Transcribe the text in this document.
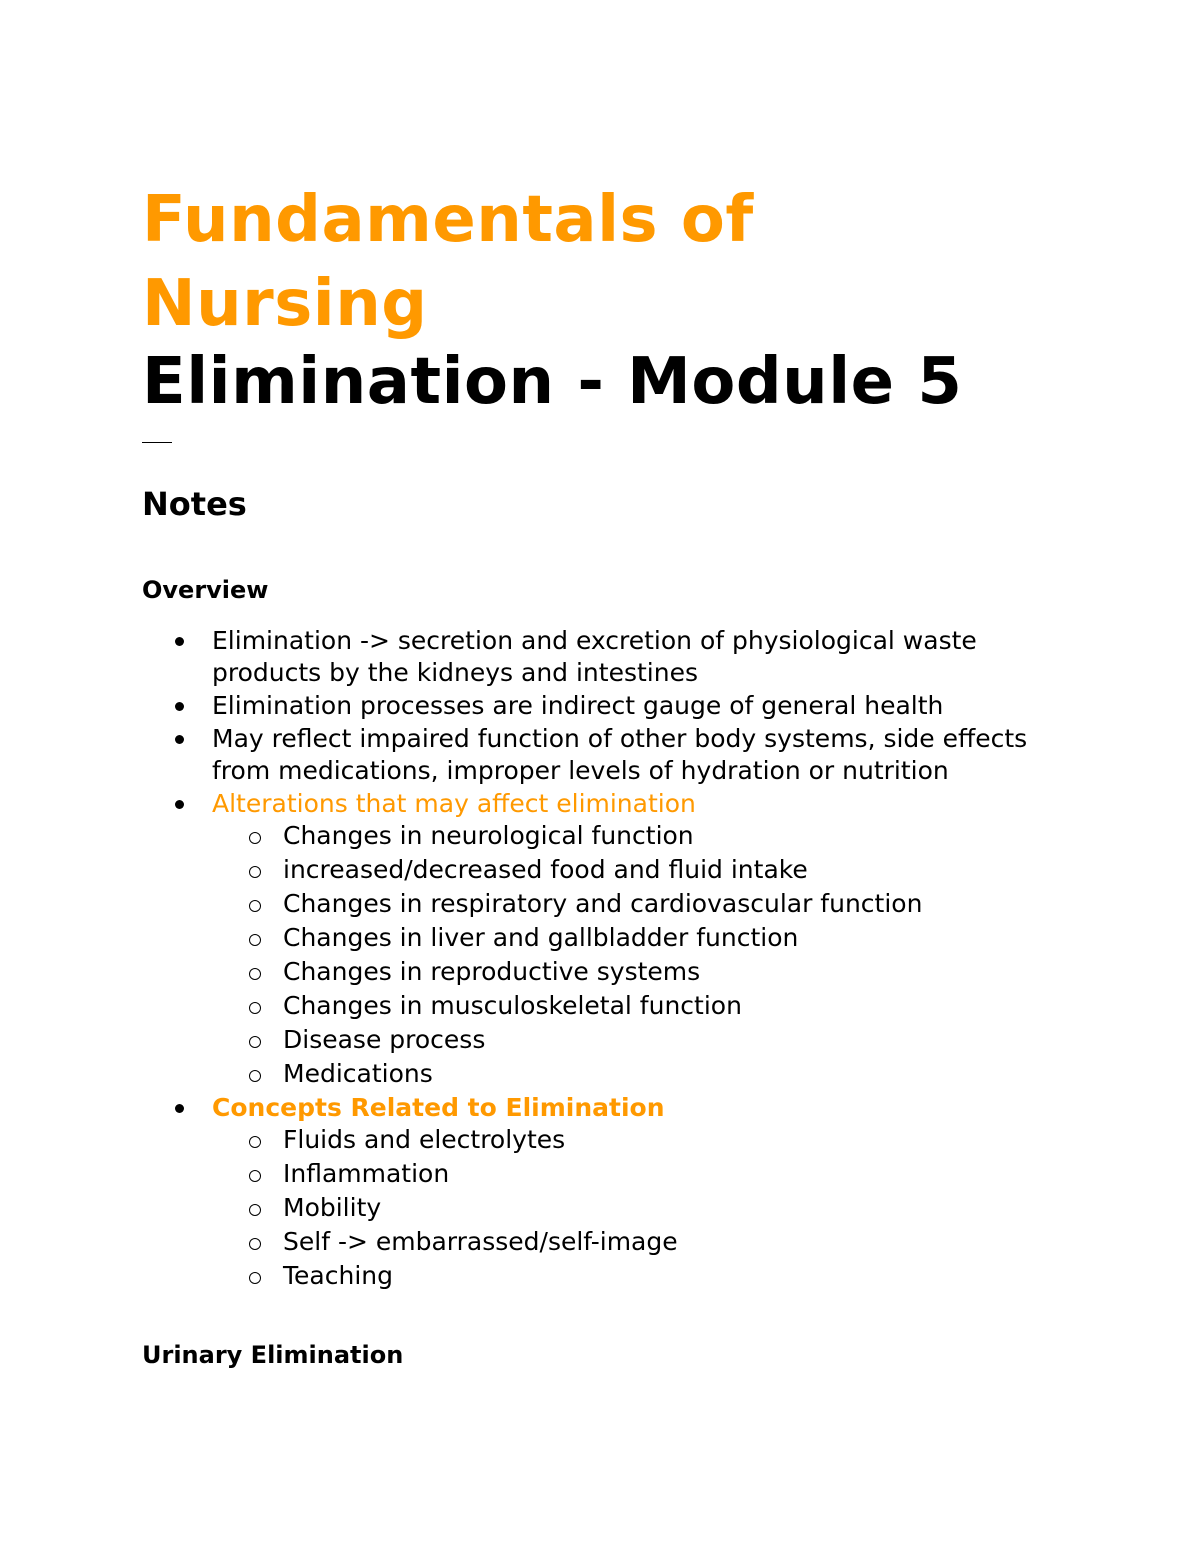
Fundamentals of
Nursing
Elimination - Module 5
Notes
Overview
Elimination -> secretion and excretion of physiological waste products by the kidneys and intestines
Elimination processes are indirect gauge of general health
May reflect impaired function of other body systems, side effects from medications, improper levels of hydration or nutrition
Alterations that may affect elimination
Changes in neurological function
increased/decreased food and fluid intake
Changes in respiratory and cardiovascular function
Changes in liver and gallbladder function
Changes in reproductive systems
Changes in musculoskeletal function
Disease process
Medications
Concepts Related to Elimination
Fluids and electrolytes
Inflammation
Mobility
Self -> embarrassed/self-image
Teaching
Urinary Elimination
